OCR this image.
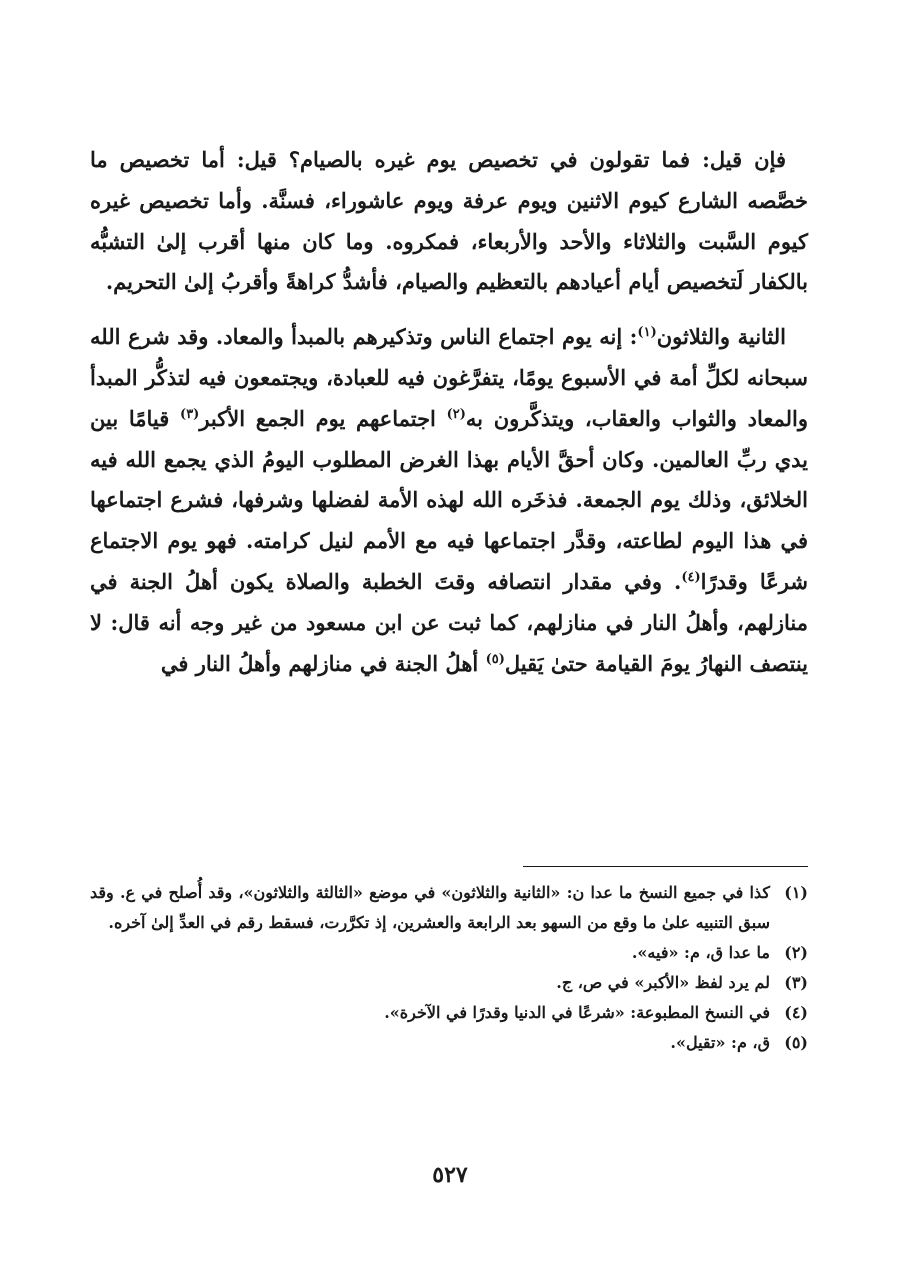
فإن قيل: فما تقولون في تخصيص يوم غيره بالصيام؟ قيل: أما تخصيص ما خصَّصه الشارع كيوم الاثنين ويوم عرفة ويوم عاشوراء، فسنَّة. وأما تخصيص غيره كيوم السَّبت والثلاثاء والأحد والأربعاء، فمكروه. وما كان منها أقرب إلىٰ التشبُّه بالكفار لَتخصيص أيام أعيادهم بالتعظيم والصيام، فأشدُّ كراهةً وأقربُ إلىٰ التحريم.

الثانية والثلاثون$^{(١)}$: إنه يوم اجتماع الناس وتذكيرهم بالمبدأ والمعاد. وقد شرع الله سبحانه لكلِّ أمة في الأسبوع يومًا، يتفرَّغون فيه للعبادة، ويجتمعون فيه لتذكُّر المبدأ والمعاد والثواب والعقاب، ويتذكَّرون به$^{(٢)}$ اجتماعهم يوم الجمع الأكبر$^{(٣)}$ قيامًا بين يدي ربِّ العالمين. وكان أحقَّ الأيام بهذا الغرض المطلوب اليومُ الذي يجمع الله فيه الخلائق، وذلك يوم الجمعة. فذخَره الله لهذه الأمة لفضلها وشرفها، فشرع اجتماعها في هذا اليوم لطاعته، وقدَّر اجتماعها فيه مع الأمم لنيل كرامته. فهو يوم الاجتماع شرعًا وقدرًا$^{(٤)}$. وفي مقدار انتصافه وقتَ الخطبة والصلاة يكون أهلُ الجنة في منازلهم، وأهلُ النار في منازلهم، كما ثبت عن ابن مسعود من غير وجه أنه قال: لا ينتصف النهارُ يومَ القيامة حتىٰ يَقيل$^{(٥)}$ أهلُ الجنة في منازلهم وأهلُ النار في

(١)
كذا في جميع النسخ ما عدا ن: «الثانية والثلاثون» في موضع «الثالثة والثلاثون»، وقد أُصلح في ع. وقد سبق التنبيه علىٰ ما وقع من السهو بعد الرابعة والعشرين، إذ تكرَّرت، فسقط رقم في العدِّ إلىٰ آخره.
(٢)
ما عدا ق، م: «فيه».
(٣)
لم يرد لفظ «الأكبر» في ص، ج.
(٤)
في النسخ المطبوعة: «شرعًا في الدنيا وقدرًا في الآخرة».
(٥)
ق، م: «تقيل».
٥٢٧
